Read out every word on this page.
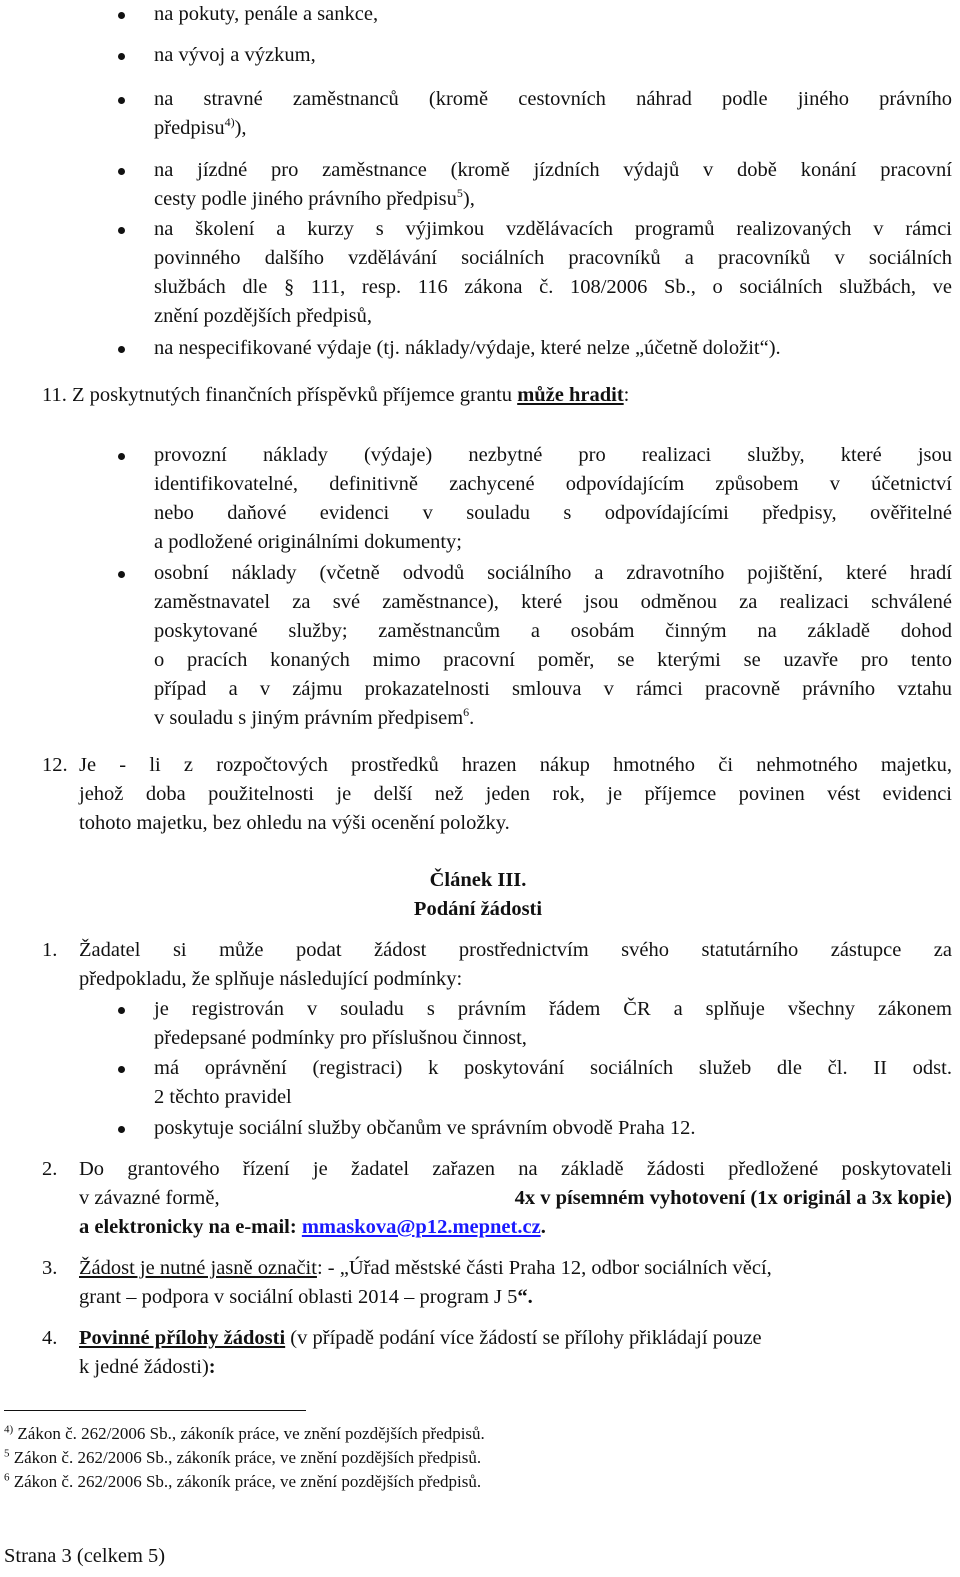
na pokuty, penále a sankce,
na vývoj a výzkum,
na stravné zaměstnanců (kromě cestovních náhrad podle jiného právního
předpisu$^{4)}$),
na jízdné pro zaměstnance (kromě jízdních výdajů v době konání pracovní
cesty podle jiného právního předpisu$^5$),
na školení a kurzy s výjimkou vzdělávacích programů realizovaných v rámci
povinného dalšího vzdělávání sociálních pracovníků a pracovníků v sociálních
službách dle § 111, resp. 116 zákona č. 108/2006 Sb., o sociálních službách, ve
znění pozdějších předpisů,
na nespecifikované výdaje (tj. náklady/výdaje, které nelze „účetně doložit“).
11. Z poskytnutých finančních příspěvků příjemce grantu může hradit:
provozní náklady (výdaje) nezbytné pro realizaci služby, které jsou
identifikovatelné, definitivně zachycené odpovídajícím způsobem v účetnictví
nebo daňové evidenci v souladu s odpovídajícími předpisy, ověřitelné
a podložené originálními dokumenty;
osobní náklady (včetně odvodů sociálního a zdravotního pojištění, které hradí
zaměstnavatel za své zaměstnance), které jsou odměnou za realizaci schválené
poskytované služby; zaměstnancům a osobám činným na základě dohod
o pracích konaných mimo pracovní poměr, se kterými se uzavře pro tento
případ a v zájmu prokazatelnosti smlouva v rámci pracovně právního vztahu
v souladu s jiným právním předpisem$^6$.
12. Je - li z rozpočtových prostředků hrazen nákup hmotného či nehmotného majetku,
jehož doba použitelnosti je delší než jeden rok, je příjemce povinen vést evidenci
tohoto majetku, bez ohledu na výši ocenění položky.
Článek III.
Podání žádosti
1. Žadatel si může podat žádost prostřednictvím svého statutárního zástupce za
předpokladu, že splňuje následující podmínky:
je registrován v souladu s právním řádem ČR a splňuje všechny zákonem
předepsané podmínky pro příslušnou činnost,
má oprávnění (registraci) k poskytování sociálních služeb dle čl. II odst.
2 těchto pravidel
poskytuje sociální služby občanům ve správním obvodě Praha 12.
2. Do grantového řízení je žadatel zařazen na základě žádosti předložené poskytovateli
v závazné formě,	4x v písemném vyhotovení (1x originál a 3x kopie)
a elektronicky na e-mail: mmaskova@p12.mepnet.cz.
3. Žádost je nutné jasně označit: - „Úřad městské části Praha 12, odbor sociálních věcí,
grant – podpora v sociální oblasti 2014 – program J 5“.
4. Povinné přílohy žádosti (v případě podání více žádostí se přílohy přikládají pouze
k jedné žádosti):
$^{4)}$ Zákon č. 262/2006 Sb., zákoník práce, ve znění pozdějších předpisů.
$^5$ Zákon č. 262/2006 Sb., zákoník práce, ve znění pozdějších předpisů.
$^6$ Zákon č. 262/2006 Sb., zákoník práce, ve znění pozdějších předpisů.
Strana 3 (celkem 5)
